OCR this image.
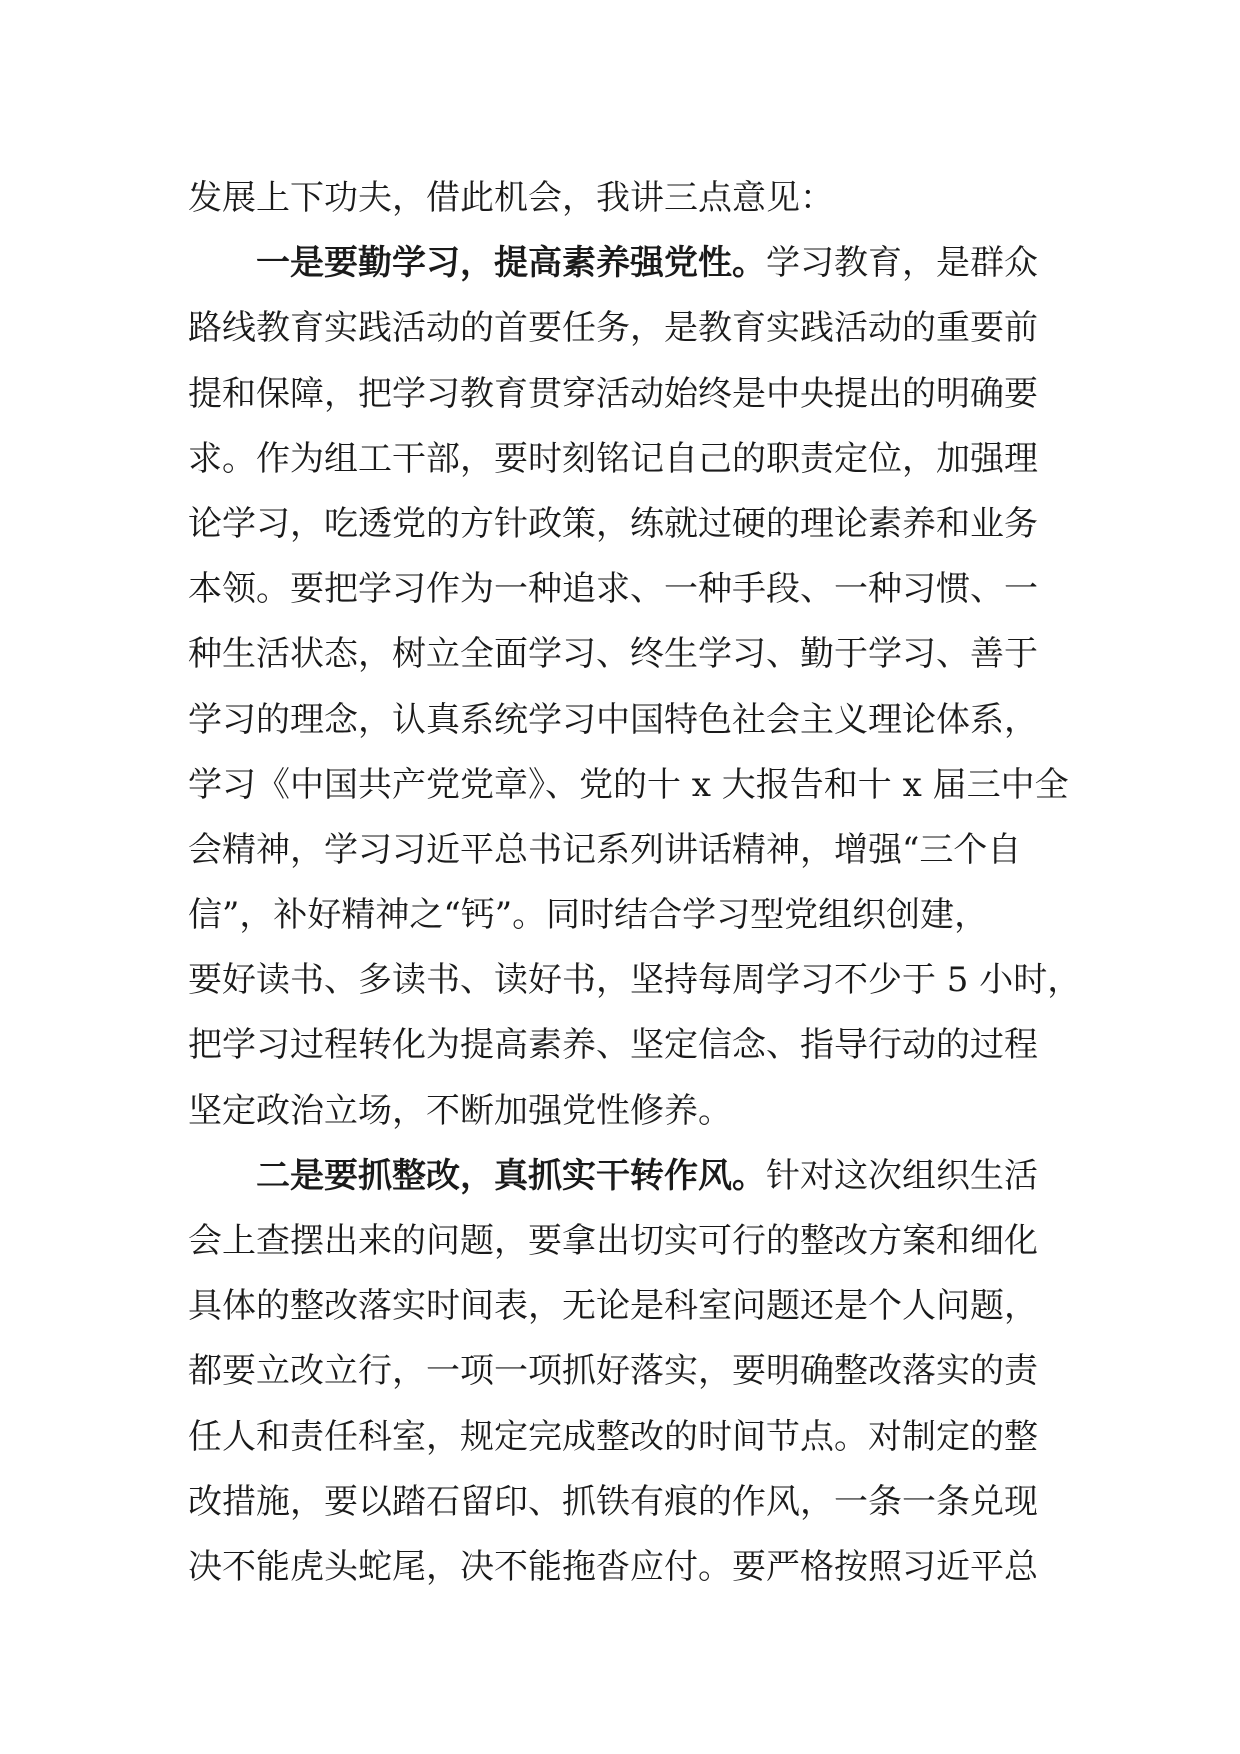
发展上下功夫，借此机会，我讲三点意见：
一是要勤学习，提高素养强党性。学习教育，是群众
路线教育实践活动的首要任务，是教育实践活动的重要前
提和保障，把学习教育贯穿活动始终是中央提出的明确要
求。作为组工干部，要时刻铭记自己的职责定位，加强理
论学习，吃透党的方针政策，练就过硬的理论素养和业务
本领。要把学习作为一种追求、一种手段、一种习惯、一
种生活状态，树立全面学习、终生学习、勤于学习、善于
学习的理念，认真系统学习中国特色社会主义理论体系，
学习《中国共产党党章》、党的十 x 大报告和十 x 届三中全
会精神，学习习近平总书记系列讲话精神，增强“三个自
信”，补好精神之“钙”。同时结合学习型党组织创建，
要好读书、多读书、读好书，坚持每周学习不少于 5 小时，
把学习过程转化为提高素养、坚定信念、指导行动的过程
坚定政治立场，不断加强党性修养。
二是要抓整改，真抓实干转作风。针对这次组织生活
会上查摆出来的问题，要拿出切实可行的整改方案和细化
具体的整改落实时间表，无论是科室问题还是个人问题，
都要立改立行，一项一项抓好落实，要明确整改落实的责
任人和责任科室，规定完成整改的时间节点。对制定的整
改措施，要以踏石留印、抓铁有痕的作风，一条一条兑现
决不能虎头蛇尾，决不能拖沓应付。要严格按照习近平总
